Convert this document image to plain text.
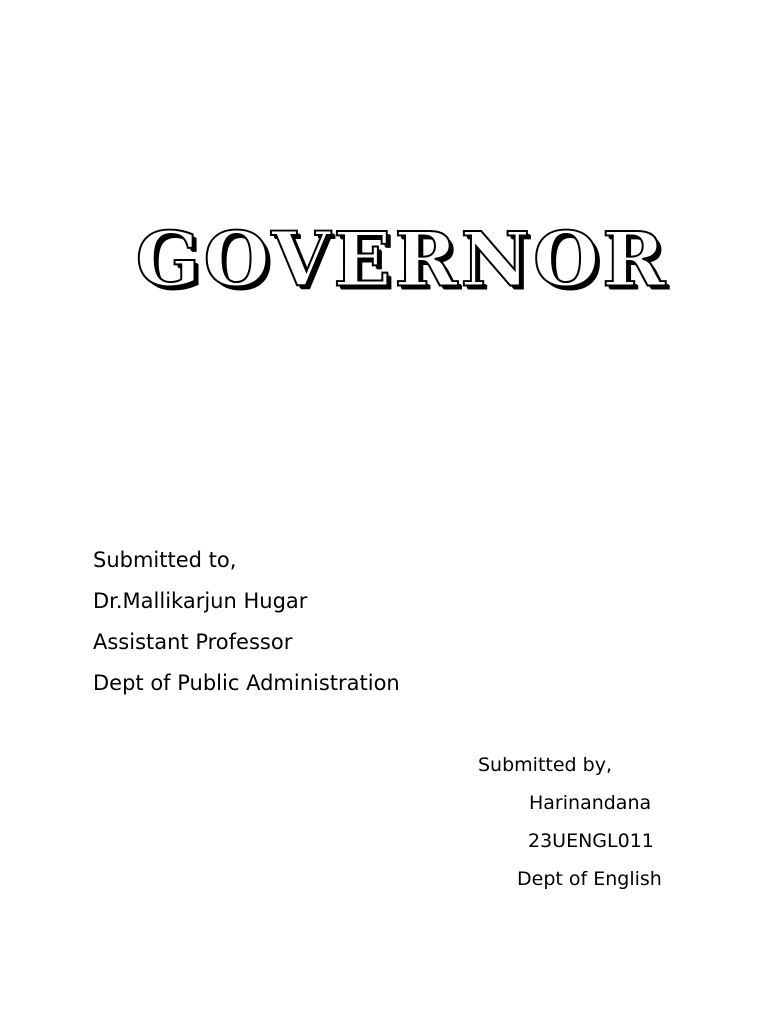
GOVERNOR
Submitted to,
Dr.Mallikarjun Hugar
Assistant Professor
Dept of Public Administration
Submitted by,
Harinandana
23UENGL011
Dept of English
